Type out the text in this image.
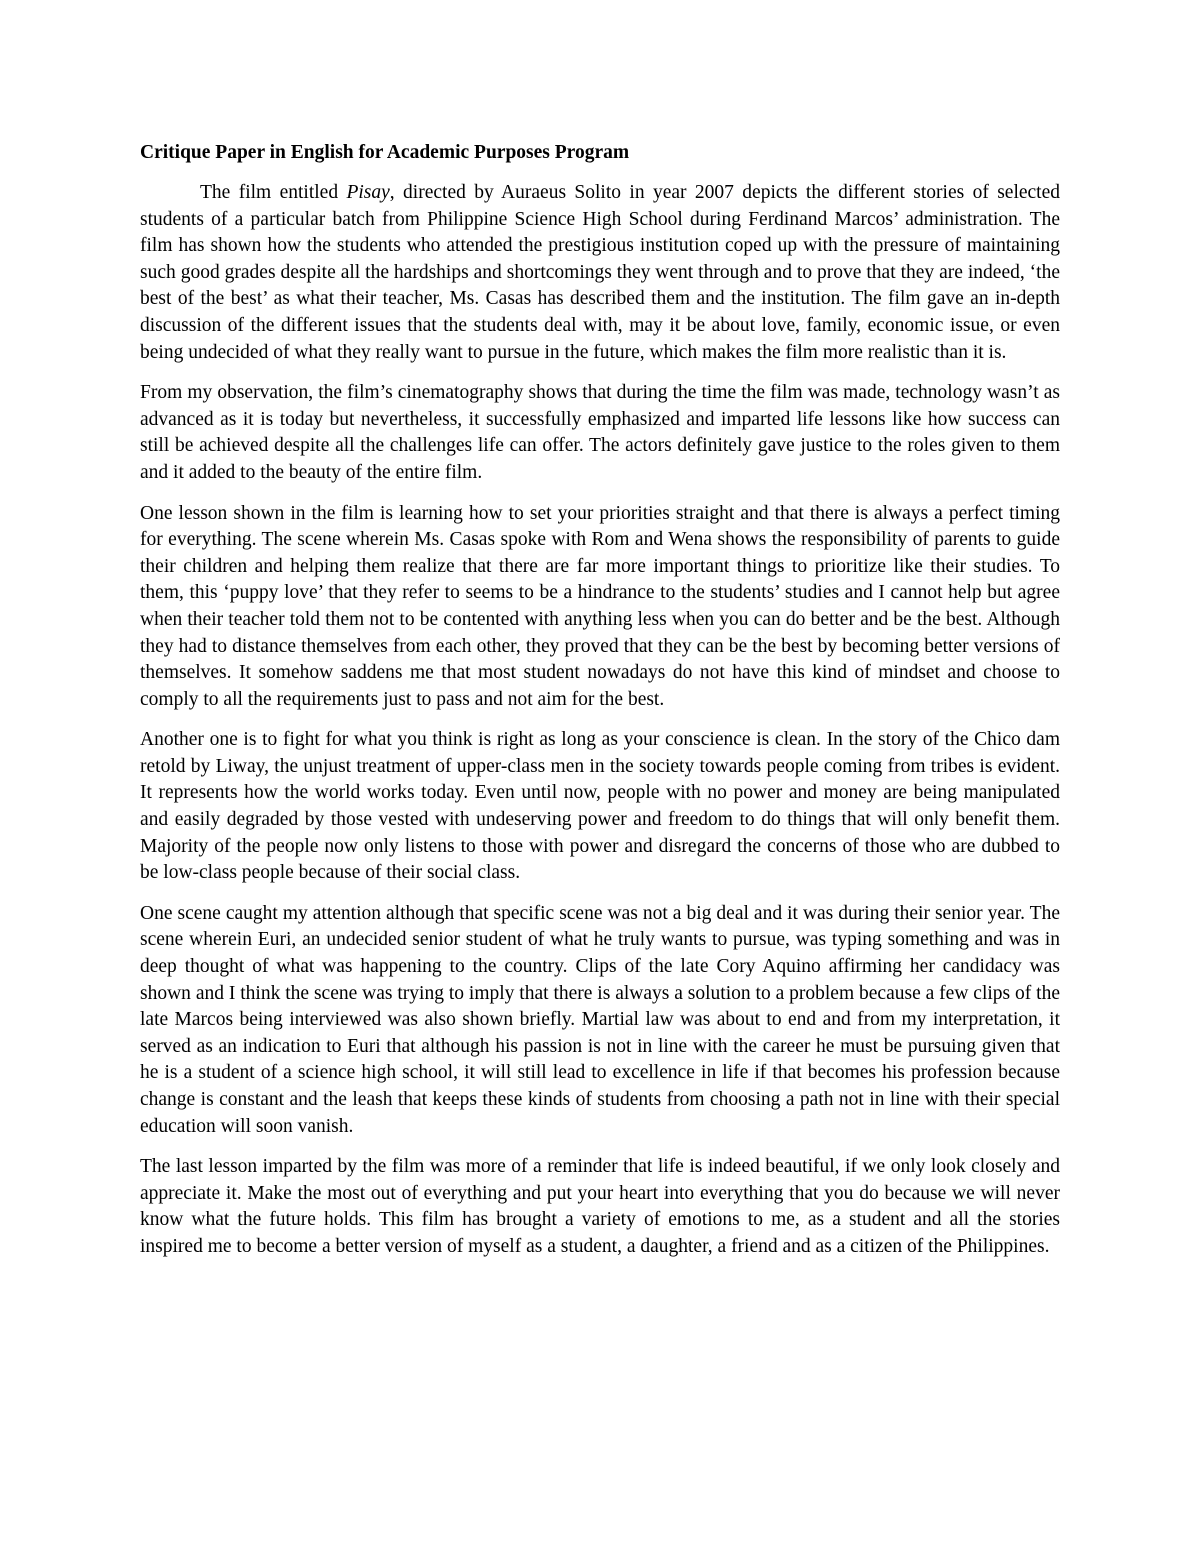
Critique Paper in English for Academic Purposes Program

The film entitled Pisay, directed by Auraeus Solito in year 2007 depicts the different stories of selected students of a particular batch from Philippine Science High School during Ferdinand Marcos’ administration. The film has shown how the students who attended the prestigious institution coped up with the pressure of maintaining such good grades despite all the hardships and shortcomings they went through and to prove that they are indeed, ‘the best of the best’ as what their teacher, Ms. Casas has described them and the institution. The film gave an in-depth discussion of the different issues that the students deal with, may it be about love, family, economic issue, or even being undecided of what they really want to pursue in the future, which makes the film more realistic than it is.

From my observation, the film’s cinematography shows that during the time the film was made, technology wasn’t as advanced as it is today but nevertheless, it successfully emphasized and imparted life lessons like how success can still be achieved despite all the challenges life can offer. The actors definitely gave justice to the roles given to them and it added to the beauty of the entire film.

One lesson shown in the film is learning how to set your priorities straight and that there is always a perfect timing for everything. The scene wherein Ms. Casas spoke with Rom and Wena shows the responsibility of parents to guide their children and helping them realize that there are far more important things to prioritize like their studies. To them, this ‘puppy love’ that they refer to seems to be a hindrance to the students’ studies and I cannot help but agree when their teacher told them not to be contented with anything less when you can do better and be the best. Although they had to distance themselves from each other, they proved that they can be the best by becoming better versions of themselves. It somehow saddens me that most student nowadays do not have this kind of mindset and choose to comply to all the requirements just to pass and not aim for the best.

Another one is to fight for what you think is right as long as your conscience is clean. In the story of the Chico dam retold by Liway, the unjust treatment of upper-class men in the society towards people coming from tribes is evident. It represents how the world works today. Even until now, people with no power and money are being manipulated and easily degraded by those vested with undeserving power and freedom to do things that will only benefit them. Majority of the people now only listens to those with power and disregard the concerns of those who are dubbed to be low-class people because of their social class.

One scene caught my attention although that specific scene was not a big deal and it was during their senior year. The scene wherein Euri, an undecided senior student of what he truly wants to pursue, was typing something and was in deep thought of what was happening to the country. Clips of the late Cory Aquino affirming her candidacy was shown and I think the scene was trying to imply that there is always a solution to a problem because a few clips of the late Marcos being interviewed was also shown briefly. Martial law was about to end and from my interpretation, it served as an indication to Euri that although his passion is not in line with the career he must be pursuing given that he is a student of a science high school, it will still lead to excellence in life if that becomes his profession because change is constant and the leash that keeps these kinds of students from choosing a path not in line with their special education will soon vanish.

The last lesson imparted by the film was more of a reminder that life is indeed beautiful, if we only look closely and appreciate it. Make the most out of everything and put your heart into everything that you do because we will never know what the future holds. This film has brought a variety of emotions to me, as a student and all the stories inspired me to become a better version of myself as a student, a daughter, a friend and as a citizen of the Philippines.
